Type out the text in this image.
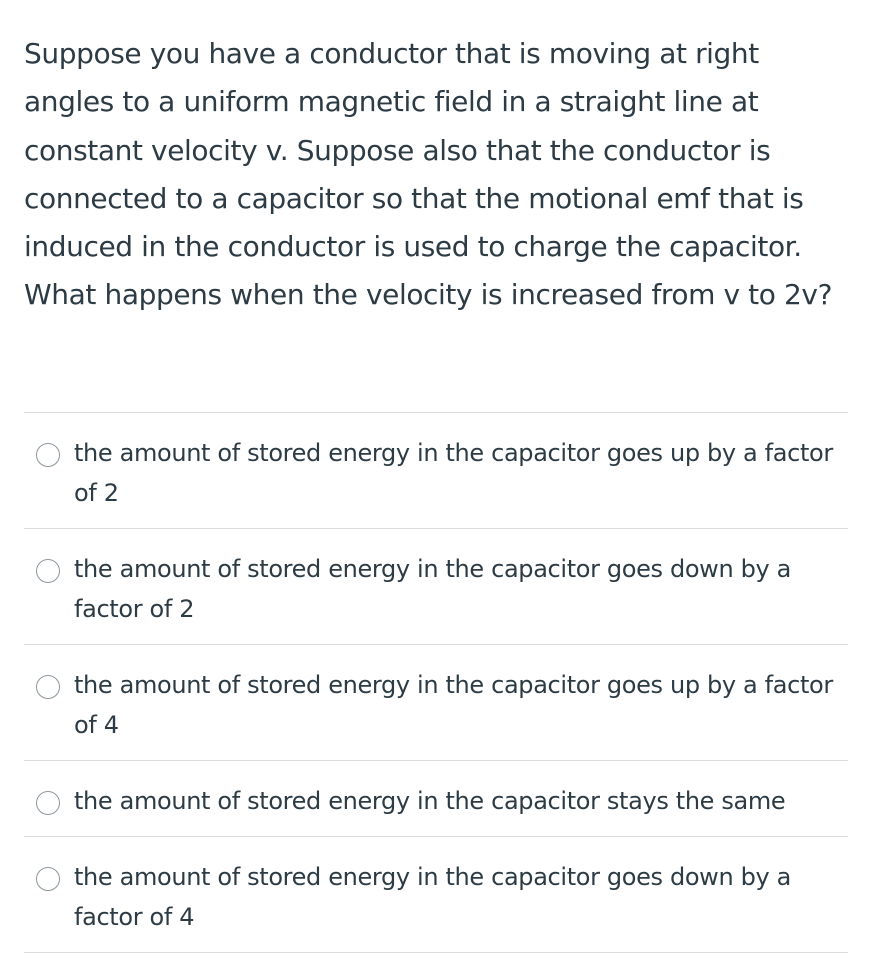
Suppose you have a conductor that is moving at right angles to a uniform magnetic field in a straight line at constant velocity v. Suppose also that the conductor is connected to a capacitor so that the motional emf that is induced in the conductor is used to charge the capacitor. What happens when the velocity is increased from v to 2v?

the amount of stored energy in the capacitor goes up by a factor of 2
the amount of stored energy in the capacitor goes down by a factor of 2
the amount of stored energy in the capacitor goes up by a factor of 4
the amount of stored energy in the capacitor stays the same
the amount of stored energy in the capacitor goes down by a factor of 4
